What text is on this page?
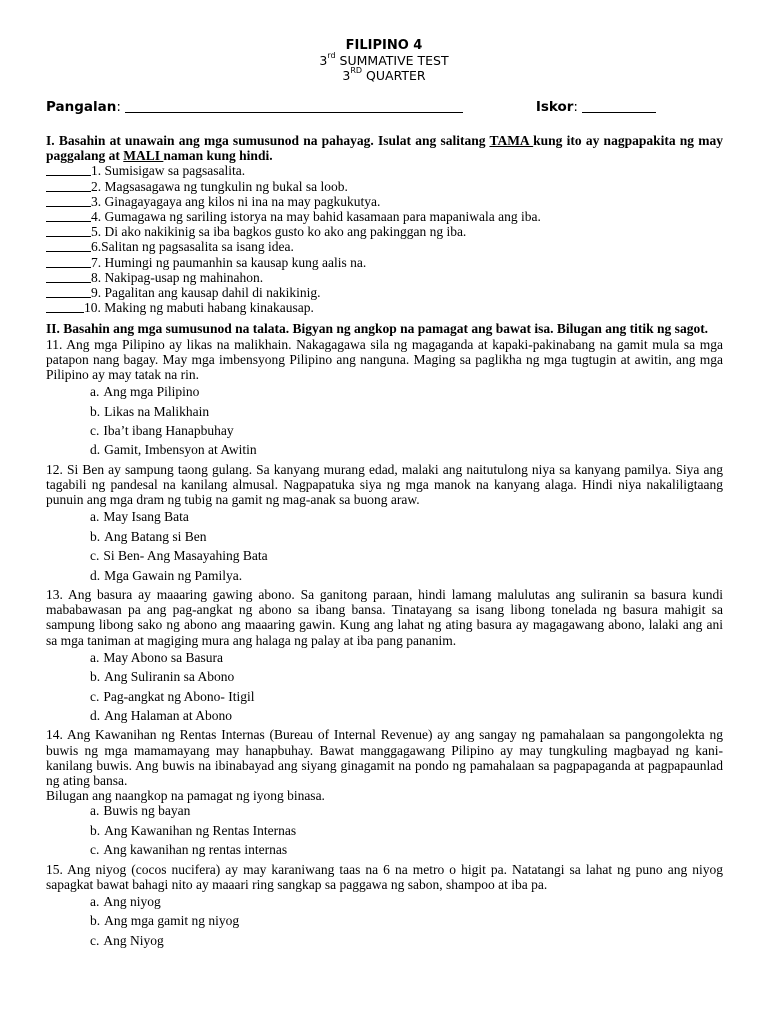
FILIPINO 4
3rd SUMMATIVE TEST
3RD QUARTER
Pangalan:	Iskor:
I. Basahin at unawain ang mga sumusunod na pahayag. Isulat ang salitang TAMA kung ito ay nagpapakita ng may paggalang at MALI naman kung hindi.
1. Sumisigaw sa pagsasalita.
2. Magsasagawa ng tungkulin ng bukal sa loob.
3. Ginagayagaya ang kilos ni ina na may pagkukutya.
4. Gumagawa ng sariling istorya na may bahid kasamaan para mapaniwala ang iba.
5. Di ako nakikinig sa iba bagkos gusto ko ako ang pakinggan ng iba.
6.Salitan ng pagsasalita sa isang idea.
7. Humingi ng paumanhin sa kausap kung aalis na.
8. Nakipag-usap ng mahinahon.
9. Pagalitan ang kausap dahil di nakikinig.
10. Making ng mabuti habang kinakausap.
II. Basahin ang mga sumusunod na talata. Bigyan ng angkop na pamagat ang bawat isa. Bilugan ang titik ng sagot.
11. Ang mga Pilipino ay likas na malikhain. Nakagagawa sila ng magaganda at kapaki-pakinabang na gamit mula sa mga patapon nang bagay. May mga imbensyong Pilipino ang nanguna. Maging sa paglikha ng mga tugtugin at awitin, ang mga Pilipino ay may tatak na rin.
a. Ang mga Pilipino
b. Likas na Malikhain
c. Iba’t ibang Hanapbuhay
d. Gamit, Imbensyon at Awitin
12. Si Ben ay sampung taong gulang. Sa kanyang murang edad, malaki ang naitutulong niya sa kanyang pamilya. Siya ang tagabili ng pandesal na kanilang almusal. Nagpapatuka siya ng mga manok na kanyang alaga. Hindi niya nakaliligtaang punuin ang mga dram ng tubig na gamit ng mag-anak sa buong araw.
a. May Isang Bata
b. Ang Batang si Ben
c. Si Ben- Ang Masayahing Bata
d. Mga Gawain ng Pamilya.
13. Ang basura ay maaaring gawing abono. Sa ganitong paraan, hindi lamang malulutas ang suliranin sa basura kundi mababawasan pa ang pag-angkat ng abono sa ibang bansa. Tinatayang sa isang libong tonelada ng basura mahigit sa sampung libong sako ng abono ang maaaring gawin. Kung ang lahat ng ating basura ay magagawang abono, lalaki ang ani sa mga taniman at magiging mura ang halaga ng palay at iba pang pananim.
a. May Abono sa Basura
b. Ang Suliranin sa Abono
c. Pag-angkat ng Abono- Itigil
d. Ang Halaman at Abono
14. Ang Kawanihan ng Rentas Internas (Bureau of Internal Revenue) ay ang sangay ng pamahalaan sa pangongolekta ng buwis ng mga mamamayang may hanapbuhay. Bawat manggagawang Pilipino ay may tungkuling magbayad ng kani-kanilang buwis. Ang buwis na ibinabayad ang siyang ginagamit na pondo ng pamahalaan sa pagpapaganda at pagpapaunlad ng ating bansa.
Bilugan ang naangkop na pamagat ng iyong binasa.
a. Buwis ng bayan
b. Ang Kawanihan ng Rentas Internas
c. Ang kawanihan ng rentas internas
15. Ang niyog (cocos nucifera) ay may karaniwang taas na 6 na metro o higit pa. Natatangi sa lahat ng puno ang niyog sapagkat bawat bahagi nito ay maaari ring sangkap sa paggawa ng sabon, shampoo at iba pa.
a. Ang niyog
b. Ang mga gamit ng niyog
c. Ang Niyog
